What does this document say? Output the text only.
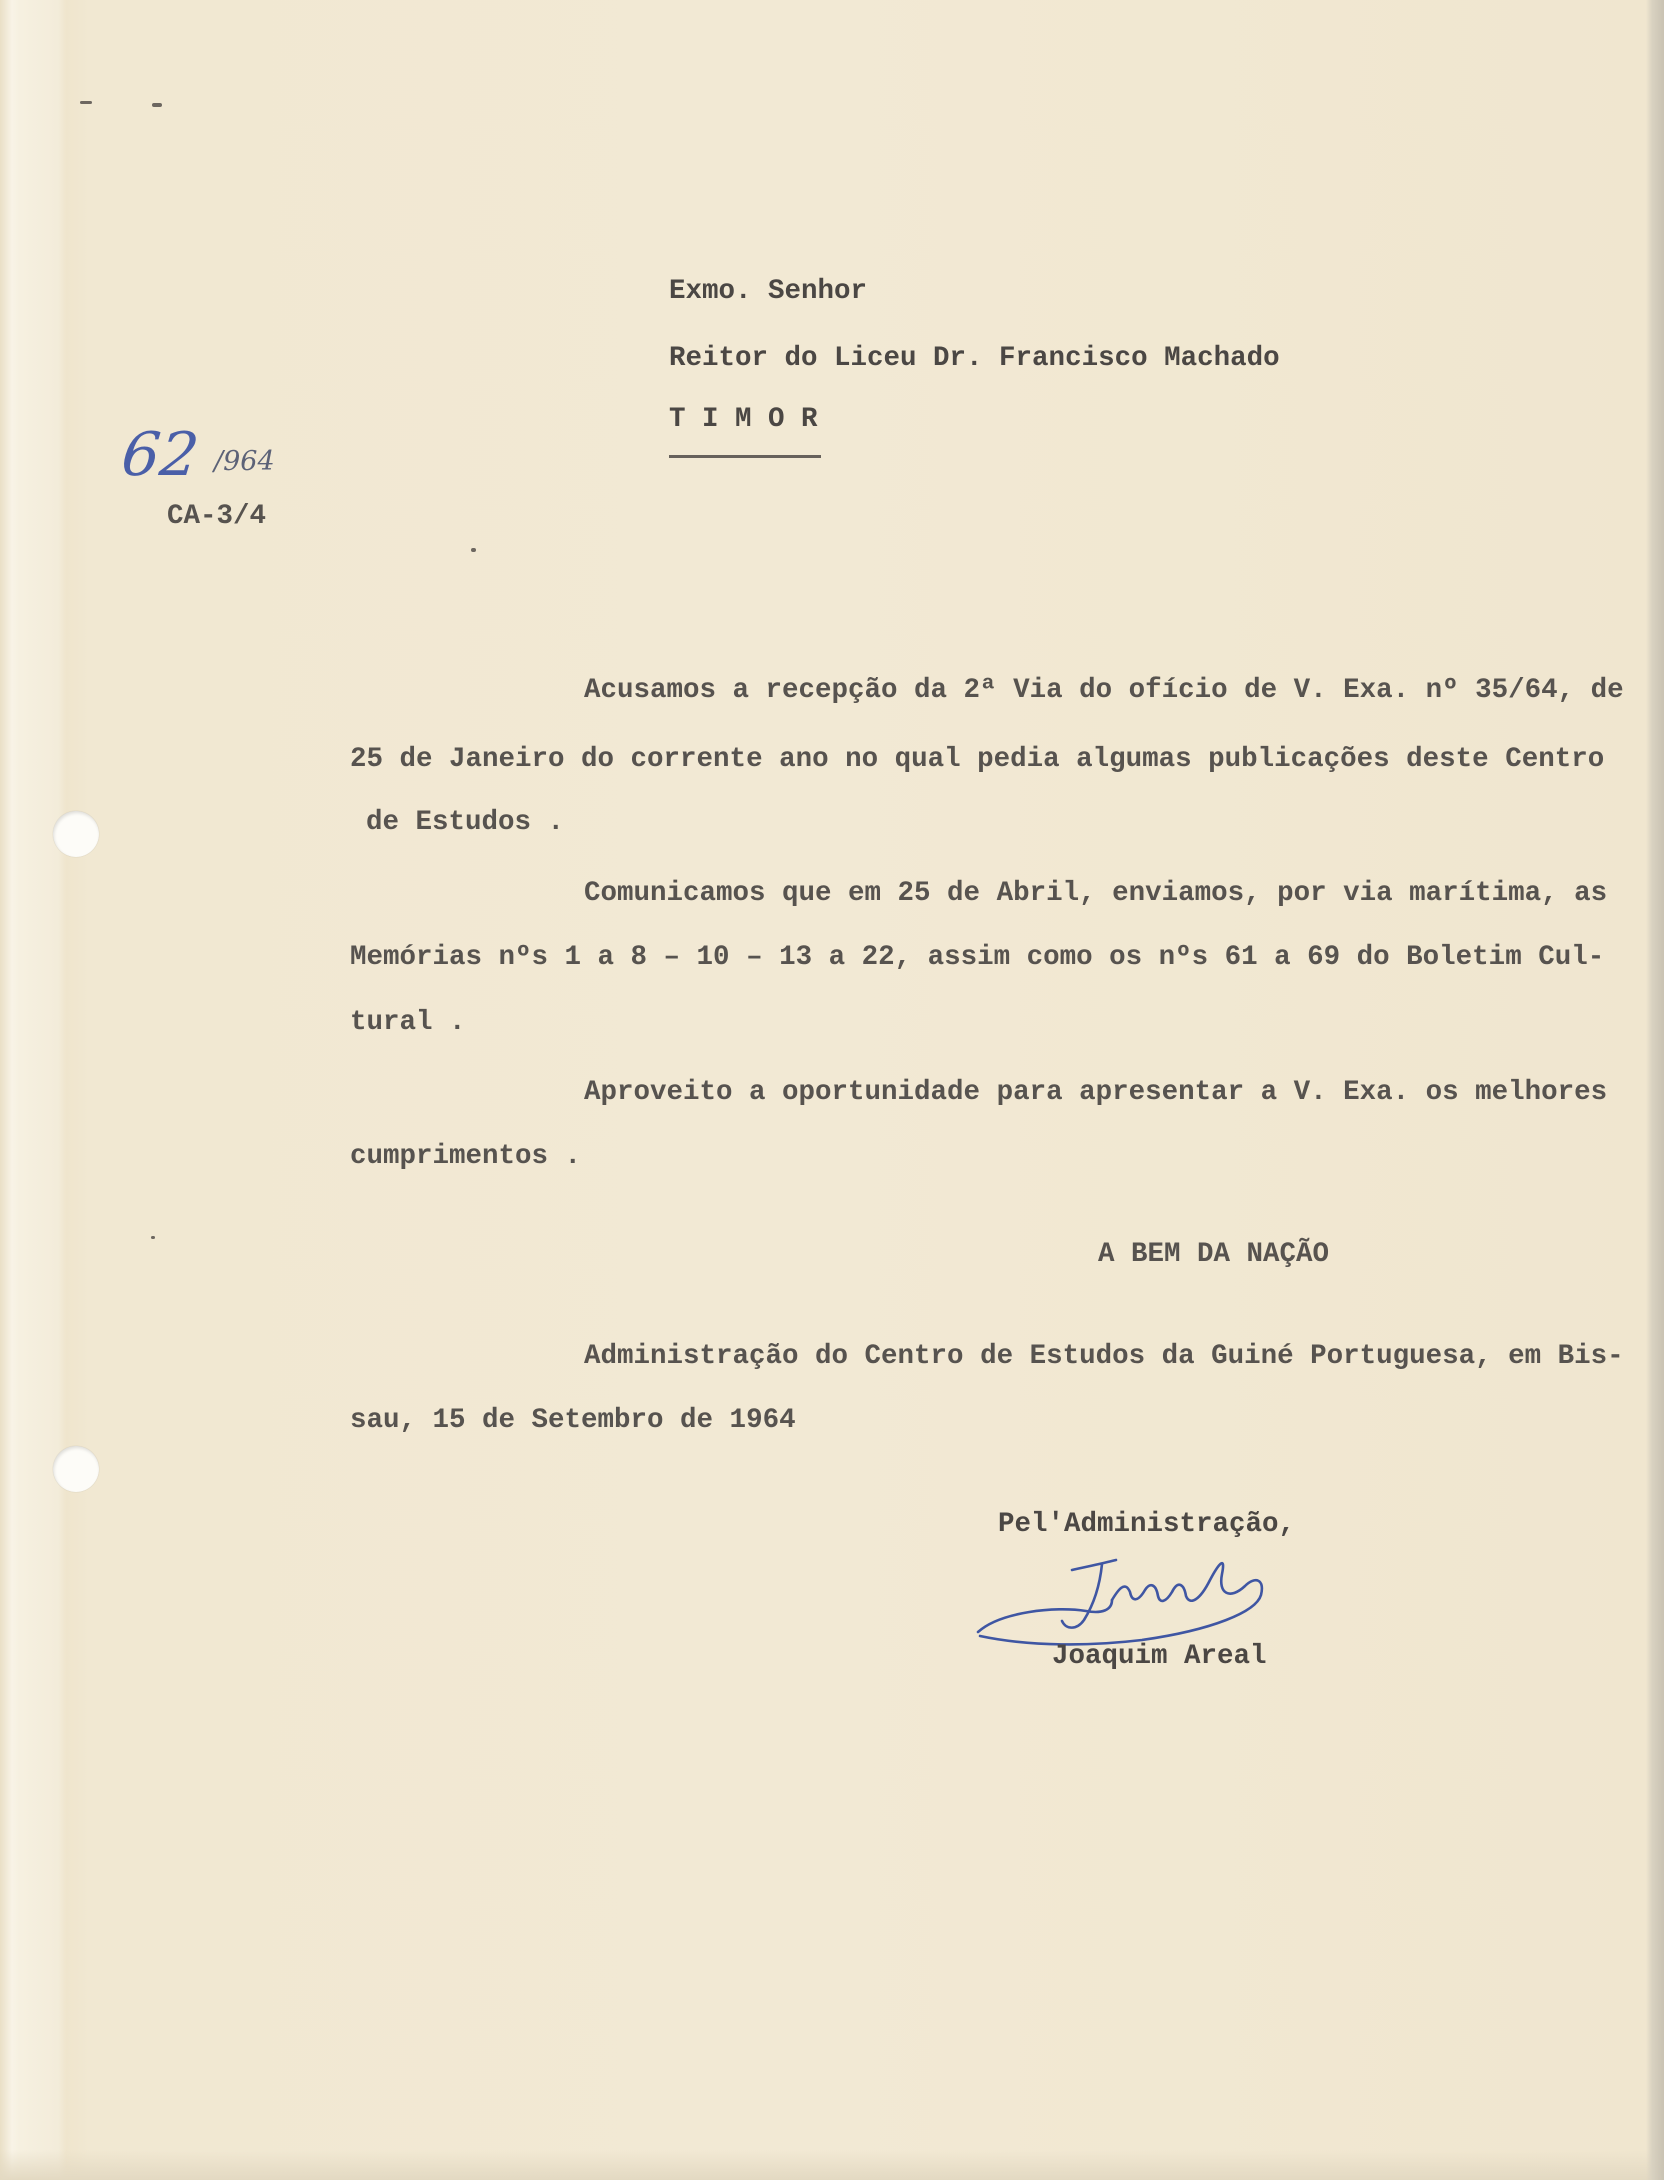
Exmo. Senhor
Reitor do Liceu Dr. Francisco Machado
T I M O R
62 /964
CA-3/4
Acusamos a recepção da 2ª Via do ofício de V. Exa. nº 35/64, de
25 de Janeiro do corrente ano no qual pedia algumas publicações deste Centro
de Estudos .
Comunicamos que em 25 de Abril, enviamos, por via marítima, as
Memórias nºs 1 a 8 – 10 – 13 a 22, assim como os nºs 61 a 69 do Boletim Cul-
tural .
Aproveito a oportunidade para apresentar a V. Exa. os melhores
cumprimentos .
A BEM DA NAÇÃO
Administração do Centro de Estudos da Guiné Portuguesa, em Bis-
sau, 15 de Setembro de 1964
Pel'Administração,
Joaquim Areal
